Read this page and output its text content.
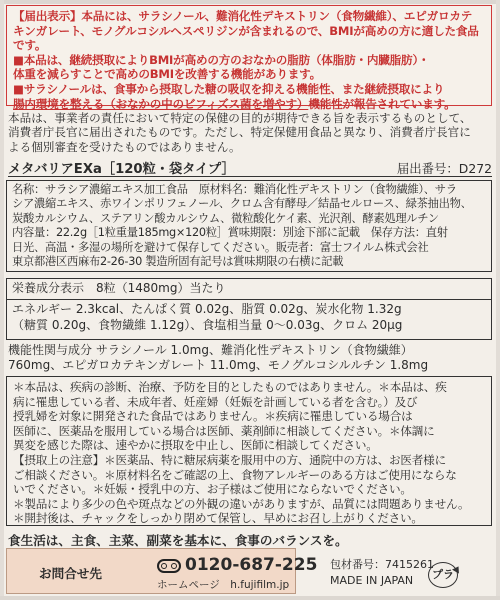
【届出表示】本品には、サラシノール、難消化性デキストリン（食物繊維）、エピガロカテ

キンガレート、モノグルコシルヘスペリジンが含まれるので、BMIが高めの方に適した食品です。

■本品は、継続摂取によりBMIが高めの方のおなかの脂肪（体脂肪・内臓脂肪）・

体重を減らすことで高めのBMIを改善する機能があります。

■サラシノールは、食事から摂取した糖の吸収を抑える機能性、また継続摂取により

腸内環境を整える（おなかの中のビフィズス菌を増やす）機能性が報告されています。

本品は、事業者の責任において特定の保健の目的が期待できる旨を表示するものとして、
消費者庁長官に届出されたものです。ただし、特定保健用食品と異なり、消費者庁長官に
よる個別審査を受けたものではありません。

メタバリアEXa［120粒・袋タイプ］	届出番号：D272

名称：サラシア濃縮エキス加工食品　原材料名：難消化性デキストリン（食物繊維）、サラ

シア濃縮エキス、赤ワインポリフェノール、クロム含有酵母／結晶セルロース、緑茶抽出物、

炭酸カルシウム、ステアリン酸カルシウム、微粒酸化ケイ素、光沢剤、酵素処理ルチン

内容量：22.2g［1粒重量185mg×120粒］賞味期限：別途下部に記載　保存方法：直射

日光、高温・多湿の場所を避けて保存してください。販売者：富士フイルム株式会社

東京都港区西麻布2-26-30 製造所固有記号は賞味期限の右横に記載

栄養成分表示　8粒（1480mg）当たり

エネルギー 2.3kcal、たんぱく質 0.02g、脂質 0.02g、炭水化物 1.32g

（糖質 0.20g、食物繊維 1.12g）、食塩相当量 0～0.03g、クロム 20μg

機能性関与成分 サラシノール 1.0mg、難消化性デキストリン（食物繊維）
760mg、エピガロカテキンガレート 11.0mg、モノグルコシルルチン 1.8mg

＊本品は、疾病の診断、治療、予防を目的としたものではありません。＊本品は、疾

病に罹患している者、未成年者、妊産婦（妊娠を計画している者を含む。）及び

授乳婦を対象に開発された食品ではありません。＊疾病に罹患している場合は

医師に、医薬品を服用している場合は医師、薬剤師に相談してください。＊体調に

異変を感じた際は、速やかに摂取を中止し、医師に相談してください。

【摂取上の注意】＊医薬品、特に糖尿病薬を服用中の方、通院中の方は、お医者様に

ご相談ください。＊原材料名をご確認の上、食物アレルギーのある方はご使用にならな

いでください。＊妊娠・授乳中の方、お子様はご使用にならないでください。

＊製品により多少の色や斑点などの外観の違いがありますが、品質には問題ありません。

＊開封後は、チャックをしっかり閉めて保管し、早めにお召し上がりください。

食生活は、主食、主菜、副菜を基本に、食事のバランスを。
お問合せ先	0120-687-225
ホームページ　h.fujifilm.jp
包材番号：7415261
MADE IN JAPAN	プラ
